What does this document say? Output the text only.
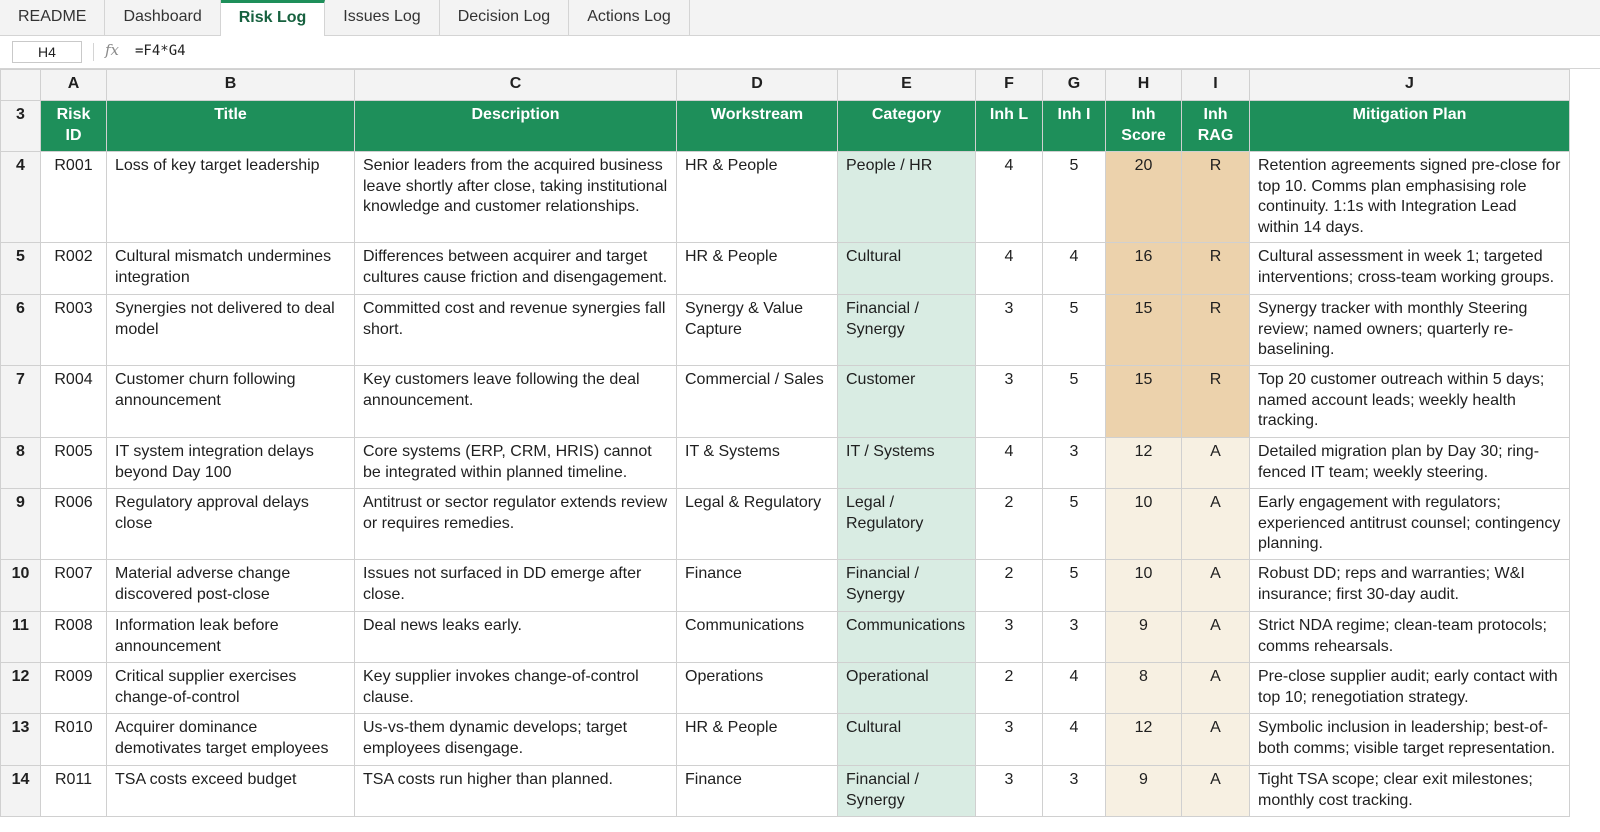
README	Dashboard	Risk Log	Issues Log	Decision Log	Actions Log
H4	fx =F4*G4
	A	B	C	D	E	F	G	H	I	J
3	Risk ID	Title	Description	Workstream	Category	Inh L	Inh I	Inh Score	Inh RAG	Mitigation Plan
4	R001	Loss of key target leadership	Senior leaders from the acquired business leave shortly after close, taking institutional knowledge and customer relationships.	HR & People	People / HR	4	5	20	R	Retention agreements signed pre-close for top 10. Comms plan emphasising role continuity. 1:1s with Integration Lead within 14 days.
5	R002	Cultural mismatch undermines integration	Differences between acquirer and target cultures cause friction and disengagement.	HR & People	Cultural	4	4	16	R	Cultural assessment in week 1; targeted interventions; cross-team working groups.
6	R003	Synergies not delivered to deal model	Committed cost and revenue synergies fall short.	Synergy & Value Capture	Financial / Synergy	3	5	15	R	Synergy tracker with monthly Steering review; named owners; quarterly re-baselining.
7	R004	Customer churn following announcement	Key customers leave following the deal announcement.	Commercial / Sales	Customer	3	5	15	R	Top 20 customer outreach within 5 days; named account leads; weekly health tracking.
8	R005	IT system integration delays beyond Day 100	Core systems (ERP, CRM, HRIS) cannot be integrated within planned timeline.	IT & Systems	IT / Systems	4	3	12	A	Detailed migration plan by Day 30; ring-fenced IT team; weekly steering.
9	R006	Regulatory approval delays close	Antitrust or sector regulator extends review or requires remedies.	Legal & Regulatory	Legal / Regulatory	2	5	10	A	Early engagement with regulators; experienced antitrust counsel; contingency planning.
10	R007	Material adverse change discovered post-close	Issues not surfaced in DD emerge after close.	Finance	Financial / Synergy	2	5	10	A	Robust DD; reps and warranties; W&I insurance; first 30-day audit.
11	R008	Information leak before announcement	Deal news leaks early.	Communications	Communications	3	3	9	A	Strict NDA regime; clean-team protocols; comms rehearsals.
12	R009	Critical supplier exercises change-of-control	Key supplier invokes change-of-control clause.	Operations	Operational	2	4	8	A	Pre-close supplier audit; early contact with top 10; renegotiation strategy.
13	R010	Acquirer dominance demotivates target employees	Us-vs-them dynamic develops; target employees disengage.	HR & People	Cultural	3	4	12	A	Symbolic inclusion in leadership; best-of-both comms; visible target representation.
14	R011	TSA costs exceed budget	TSA costs run higher than planned.	Finance	Financial / Synergy	3	3	9	A	Tight TSA scope; clear exit milestones; monthly cost tracking.
